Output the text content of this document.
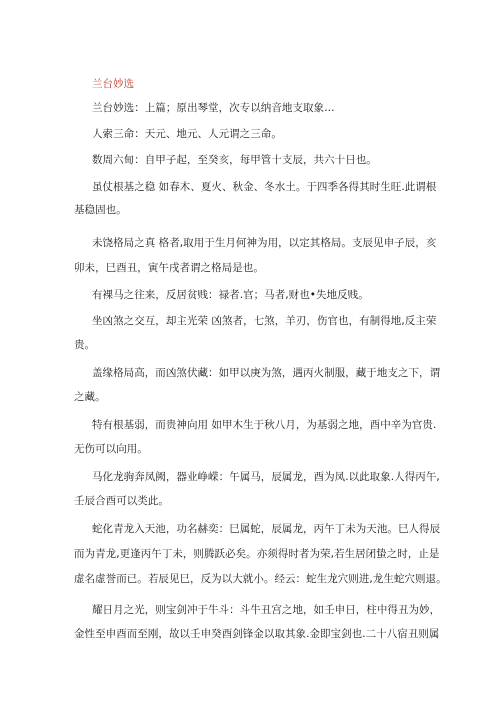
兰台妙选
兰台妙选：上篇；原出琴堂，次专以纳音地支取象…
人索三命：天元、地元、人元谓之三命。
数周六甸：自甲子起，至癸亥，每甲管十支辰，共六十日也。
虽仗根基之稳 如春木、夏火、秋金、冬水土。于四季各得其时生旺.此谓根
基稳固也。
未饶格局之真 格者,取用于生月何神为用，以定其格局。支辰见申子辰，亥
卯未，巳酉丑，寅午戌者谓之格局是也。
有裸马之往来，反居贫贱：禄者.官；马者,财也•失地反贱。
坐凶煞之交互，却主光荣 凶煞者，七煞，羊刃，伤官也，有制得地,反主荣
贵。
盖缘格局高，而凶煞伏藏：如甲以庚为煞，遇丙火制服，藏于地支之下，谓
之藏。
特有根基弱，而贵神向用 如甲木生于秋八月，为基弱之地，酉中辛为官贵.
无伤可以向用。
马化龙驹奔凤阙，器业峥嵘：午属马，辰属龙，酉为凤.以此取象.人得丙午,
壬辰合酉可以类此。
蛇化青龙入天池，功名赫奕：巳属蛇，辰属龙，丙午丁未为天池。巳人得辰
而为青龙,更逢丙午丁未，则腾跃必矣。亦须得时者为荣,若生居闭蛰之时，止是
虚名虚誉而已。若辰见巳，反为以大就小。经云：蛇生龙穴则进,龙生蛇穴则退。
耀日月之光，则宝剑冲于牛斗：斗牛丑宫之地，如壬申日，柱中得丑为妙，
金性至申酉而至刚，故以壬申癸酉剑锋金以取其象.金即宝剑也.二十八宿丑则属
